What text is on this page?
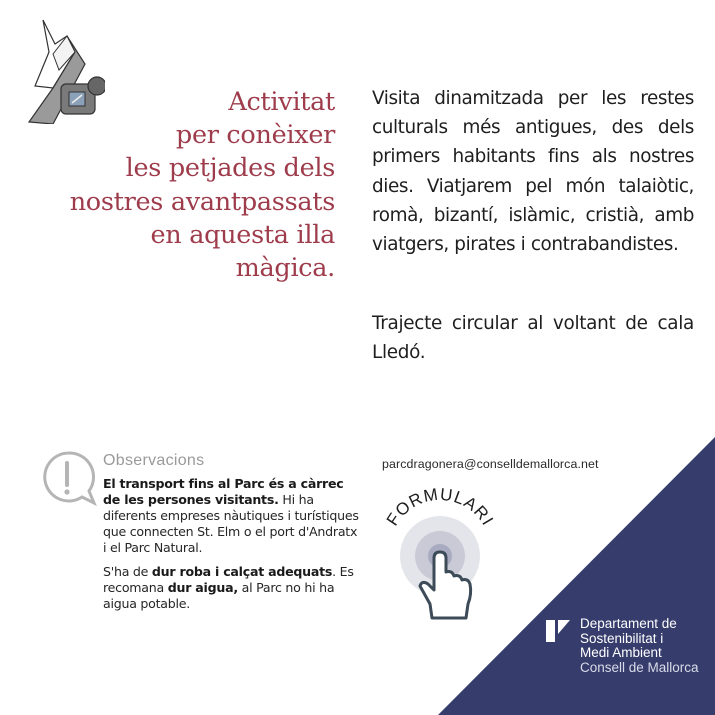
Activitat
per conèixer
les petjades dels
nostres avantpassats
en aquesta illa
màgica.

Visita dinamitzada per les restes culturals més antigues, des dels primers habitants fins als nostres dies. Viatjarem pel món talaiòtic, romà, bizantí, islàmic, cristià, amb viatgers, pirates i contrabandistes.

Trajecte circular al voltant de cala Lledó.
Observacions

El transport fins al Parc és a càrrec de les persones visitants. Hi ha diferents empreses nàutiques i turístiques que connecten St. Elm o el port d'Andratx i el Parc Natural.

S'ha de dur roba i calçat adequats. Es recomana dur aigua, al Parc no hi ha aigua potable.

parcdragonera@conselldemallorca.net
FORMULARI
Departament de
Sostenibilitat i
Medi Ambient
Consell de Mallorca
